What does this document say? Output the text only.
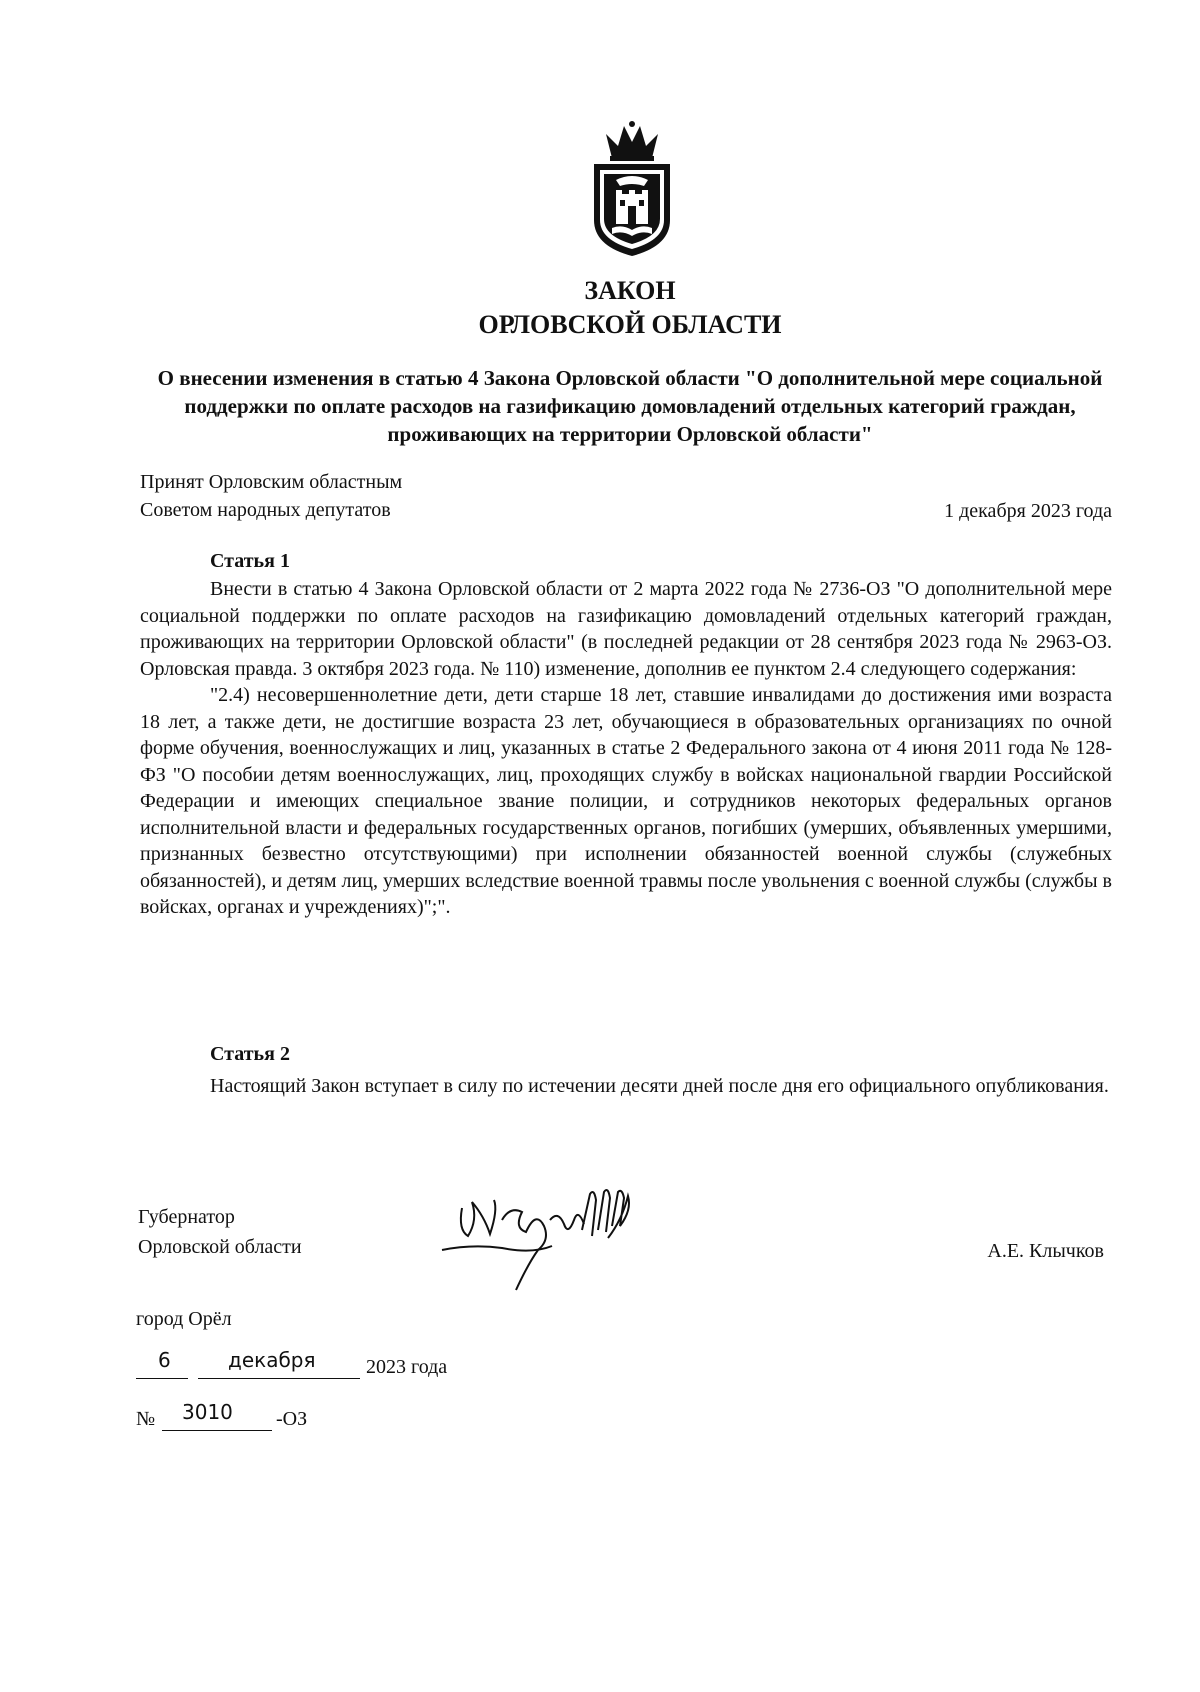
ЗАКОН
ОРЛОВСКОЙ ОБЛАСТИ
О внесении изменения в статью 4 Закона Орловской области "О дополнительной мере социальной поддержки по оплате расходов на газификацию домовладений отдельных категорий граждан, проживающих на территории Орловской области"
Принят Орловским областным
Советом народных депутатов	1 декабря 2023 года
Статья 1

Внести в статью 4 Закона Орловской области от 2 марта 2022 года № 2736-ОЗ "О дополнительной мере социальной поддержки по оплате расходов на газификацию домовладений отдельных категорий граждан, проживающих на территории Орловской области" (в последней редакции от 28 сентября 2023 года № 2963-ОЗ. Орловская правда. 3 октября 2023 года. № 110) изменение, дополнив ее пунктом 2.4 следующего содержания:

"2.4) несовершеннолетние дети, дети старше 18 лет, ставшие инвалидами до достижения ими возраста 18 лет, а также дети, не достигшие возраста 23 лет, обучающиеся в образовательных организациях по очной форме обучения, военнослужащих и лиц, указанных в статье 2 Федерального закона от 4 июня 2011 года № 128-ФЗ "О пособии детям военнослужащих, лиц, проходящих службу в войсках национальной гвардии Российской Федерации и имеющих специальное звание полиции, и сотрудников некоторых федеральных органов исполнительной власти и федеральных государственных органов, погибших (умерших, объявленных умершими, признанных безвестно отсутствующими) при исполнении обязанностей военной службы (служебных обязанностей), и детям лиц, умерших вследствие военной травмы после увольнения с военной службы (службы в войсках, органах и учреждениях)";".

Статья 2

Настоящий Закон вступает в силу по истечении десяти дней после дня его официального опубликования.

Губернатор
Орловской области	А.Е. Клычков
город Орёл
6	декабря	2023 года
№ 3010 -ОЗ
